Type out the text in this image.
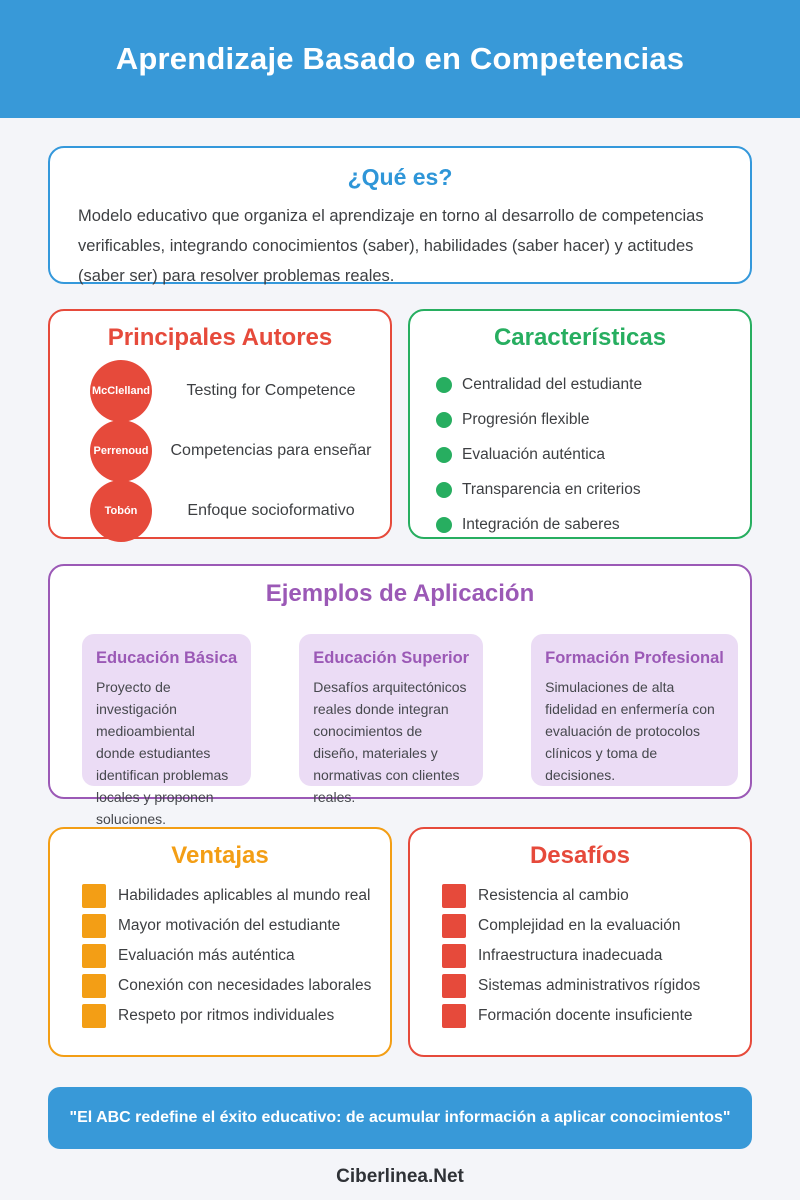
Aprendizaje Basado en Competencias
¿Qué es?

Modelo educativo que organiza el aprendizaje en torno al desarrollo de competencias verificables, integrando conocimientos (saber), habilidades (saber hacer) y actitudes (saber ser) para resolver problemas reales.

Principales Autores
McClelland	Testing for Competence
Perrenoud	Competencias para enseñar
Tobón	Enfoque socioformativo
Características
Centralidad del estudiante
Progresión flexible
Evaluación auténtica
Transparencia en criterios
Integración de saberes
Ejemplos de Aplicación
Educación Básica

Proyecto de investigación medioambiental donde estudiantes identifican problemas locales y proponen soluciones.

Educación Superior

Desafíos arquitectónicos reales donde integran conocimientos de diseño, materiales y normativas con clientes reales.

Formación Profesional

Simulaciones de alta fidelidad en enfermería con evaluación de protocolos clínicos y toma de decisiones.

Ventajas
Habilidades aplicables al mundo real
Mayor motivación del estudiante
Evaluación más auténtica
Conexión con necesidades laborales
Respeto por ritmos individuales
Desafíos
Resistencia al cambio
Complejidad en la evaluación
Infraestructura inadecuada
Sistemas administrativos rígidos
Formación docente insuficiente

"El ABC redefine el éxito educativo: de acumular información a aplicar conocimientos"

Ciberlinea.Net
